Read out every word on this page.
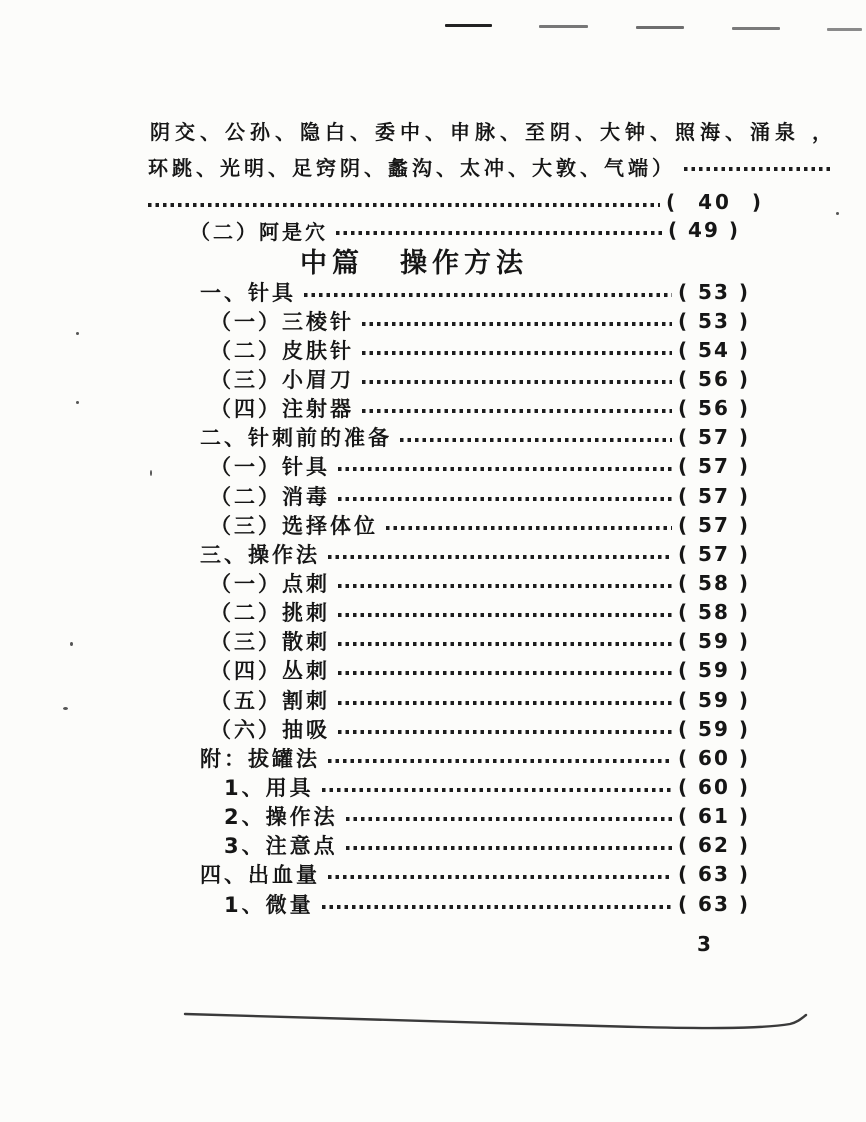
阴交、公孙、隐白、委中、申脉、至阴、大钟、照海、涌泉 ，
环跳、光明、足窍阴、蠡沟、太冲、大敦、气端）
(  40  )
（二）阿是穴	( 49 )
中篇 操作方法
一、针具	( 53 )
（一）三棱针	( 53 )
（二）皮肤针	( 54 )
（三）小眉刀	( 56 )
（四）注射器	( 56 )
二、针刺前的准备	( 57 )
（一）针具	( 57 )
（二）消毒	( 57 )
（三）选择体位	( 57 )
三、操作法	( 57 )
（一）点刺	( 58 )
（二）挑刺	( 58 )
（三）散刺	( 59 )
（四）丛刺	( 59 )
（五）割刺	( 59 )
（六）抽吸	( 59 )
附：拔罐法	( 60 )
1、用具	( 60 )
2、操作法	( 61 )
3、注意点	( 62 )
四、出血量	( 63 )
1、微量	( 63 )
3
